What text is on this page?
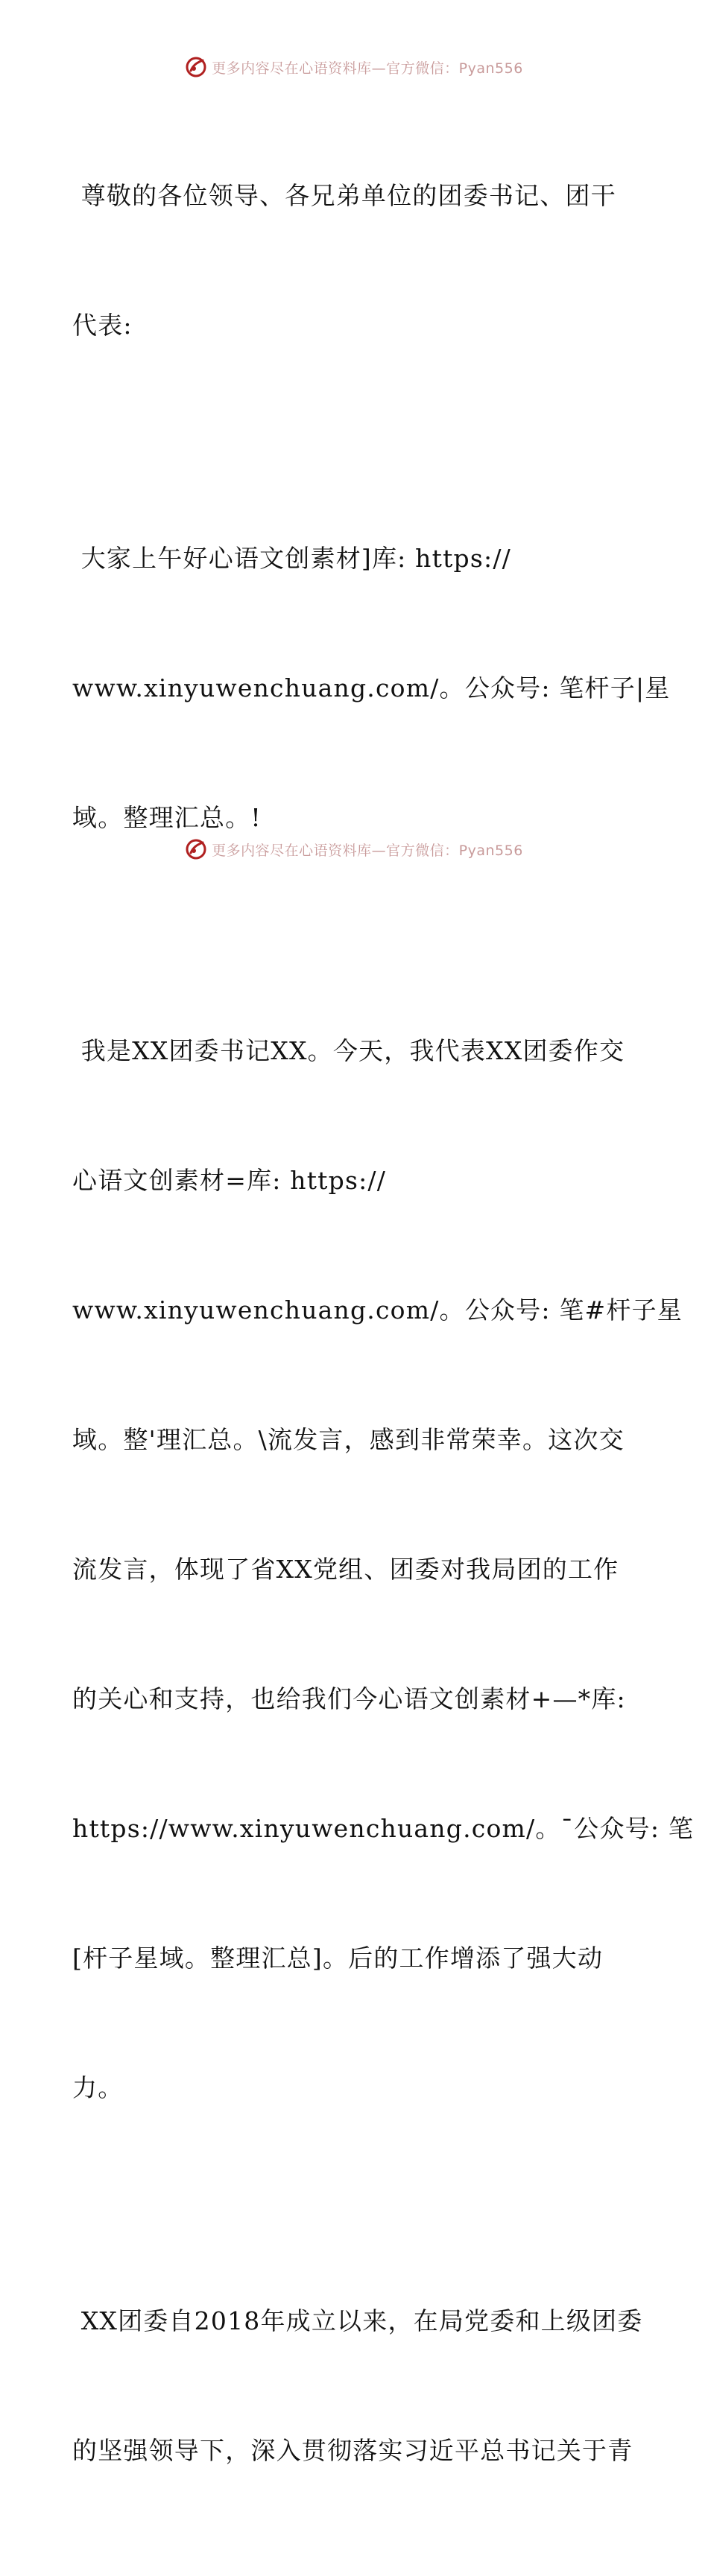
更多内容尽在心语资料库—官方微信：Pyan556

尊敬的各位领导、各兄弟单位的团委书记、团干

代表:

大家上午好心语文创素材]库: https://

www.xinyuwenchuang.com/。公众号: 笔杆子|星

域。整理汇总。!

我是XX团委书记XX。今天，我代表XX团委作交

心语文创素材=库: https://

www.xinyuwenchuang.com/。公众号: 笔#杆子星

域。整'理汇总。\流发言，感到非常荣幸。这次交

流发言，体现了省XX党组、团委对我局团的工作

的关心和支持，也给我们今心语文创素材+—*库:

https://www.xinyuwenchuang.com/。¯公众号: 笔

[杆子星域。整理汇总]。后的工作增添了强大动

力。

XX团委自2018年成立以来，在局党委和上级团委

的坚强领导下，深入贯彻落实习近平总书记关于青

更多内容尽在心语资料库—官方微信：Pyan556
